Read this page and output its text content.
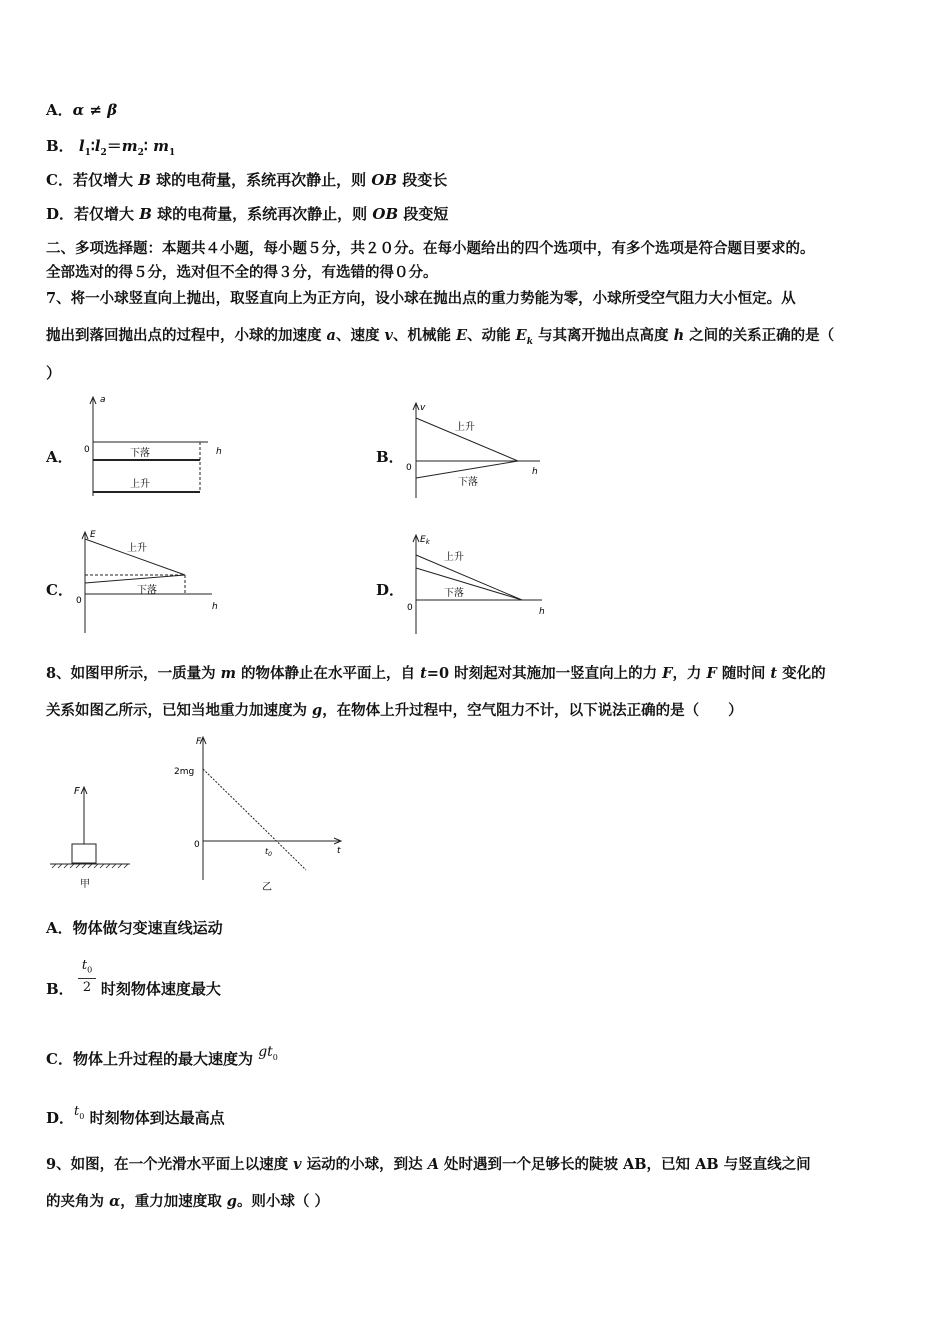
A．α ≠ β
B． $l_1∶l_2=m_2∶$ $m_1$
C．若仅增大 B 球的电荷量，系统再次静止，则 OB 段变长
D．若仅增大 B 球的电荷量，系统再次静止，则 OB 段变短
二、多项选择题：本题共４小题，每小题５分，共２０分。在每小题给出的四个选项中，有多个选项是符合题目要求的。
全部选对的得５分，选对但不全的得３分，有选错的得０分。
7、将一小球竖直向上抛出，取竖直向上为正方向，设小球在抛出点的重力势能为零，小球所受空气阻力大小恒定。从
抛出到落回抛出点的过程中，小球的加速度 a、速度 v、机械能 E、动能 $E_k$ 与其离开抛出点高度 h 之间的关系正确的是（
）
A．	B．
C．	D．
a
0	h
下落
上升
v
0	h
上升
下落
E
0
h
上升
下落
$E_k$
0	h
上升
下落
8、如图甲所示，一质量为 m 的物体静止在水平面上，自 t=0 时刻起对其施加一竖直向上的力 F，力 F 随时间 t 变化的
关系如图乙所示，已知当地重力加速度为 g，在物体上升过程中，空气阻力不计，以下说法正确的是（　　）
F
甲
F
2mg
0
t
$t_0$
乙
A．物体做匀变速直线运动
$\frac{t_0}{2}$
B． 时刻物体速度最大
C．物体上升过程的最大速度为 $gt_0$
D．$t_0$ 时刻物体到达最高点
9、如图，在一个光滑水平面上以速度 v 运动的小球，到达 A 处时遇到一个足够长的陡坡 AB，已知 AB 与竖直线之间
的夹角为 α，重力加速度取 g。则小球（ ）
